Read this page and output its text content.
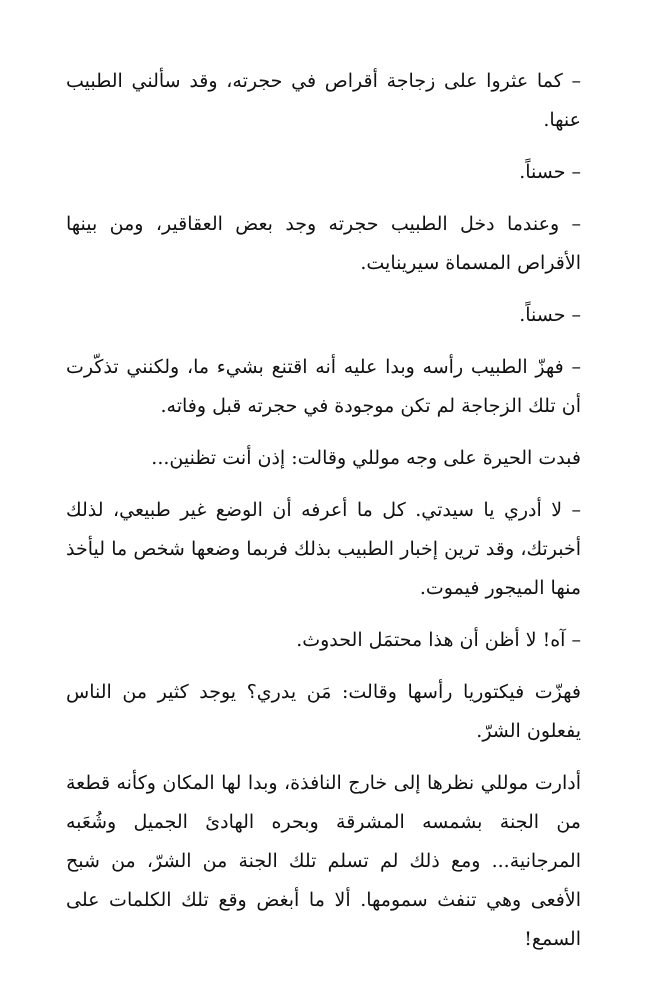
– كما عثروا على زجاجة أقراص في حجرته، وقد سألني الطبيب عنها.

– حسناً.

– وعندما دخل الطبيب حجرته وجد بعض العقاقير، ومن بينها الأقراص المسماة سيرينايت.

– حسناً.

– فهزّ الطبيب رأسه وبدا عليه أنه اقتنع بشيء ما، ولكنني تذكّرت أن تلك الزجاجة لم تكن موجودة في حجرته قبل وفاته.

فبدت الحيرة على وجه موللي وقالت: إذن أنت تظنين...

– لا أدري يا سيدتي. كل ما أعرفه أن الوضع غير طبيعي، لذلك أخبرتك، وقد ترين إخبار الطبيب بذلك فربما وضعها شخص ما ليأخذ منها الميجور فيموت.

– آه! لا أظن أن هذا محتمَل الحدوث.

فهزّت فيكتوريا رأسها وقالت: مَن يدري؟ يوجد كثير من الناس يفعلون الشرّ.

أدارت موللي نظرها إلى خارج النافذة، وبدا لها المكان وكأنه قطعة من الجنة بشمسه المشرقة وبحره الهادئ الجميل وشُعَبه المرجانية... ومع ذلك لم تسلم تلك الجنة من الشرّ، من شبح الأفعى وهي تنفث سمومها. ألا ما أبغض وقع تلك الكلمات على السمع!
